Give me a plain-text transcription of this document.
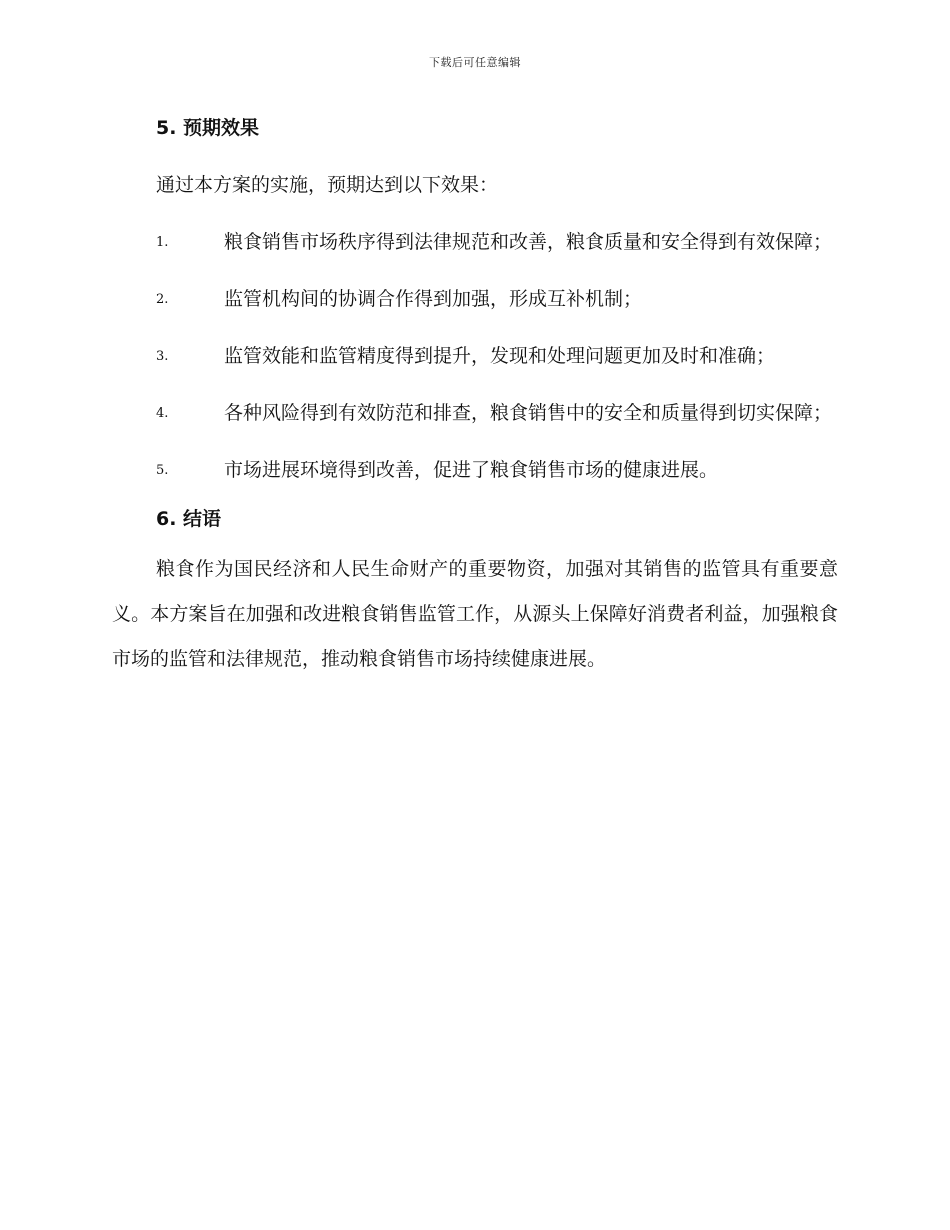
下载后可任意编辑
5. 预期效果

通过本方案的实施，预期达到以下效果：

1.	粮食销售市场秩序得到法律规范和改善，粮食质量和安全得到有效保障；
2.	监管机构间的协调合作得到加强，形成互补机制；
3.	监管效能和监管精度得到提升，发现和处理问题更加及时和准确；
4.	各种风险得到有效防范和排查，粮食销售中的安全和质量得到切实保障；
5.	市场进展环境得到改善，促进了粮食销售市场的健康进展。
6. 结语

粮食作为国民经济和人民生命财产的重要物资，加强对其销售的监管具有重要意义。本方案旨在加强和改进粮食销售监管工作，从源头上保障好消费者利益，加强粮食市场的监管和法律规范，推动粮食销售市场持续健康进展。
